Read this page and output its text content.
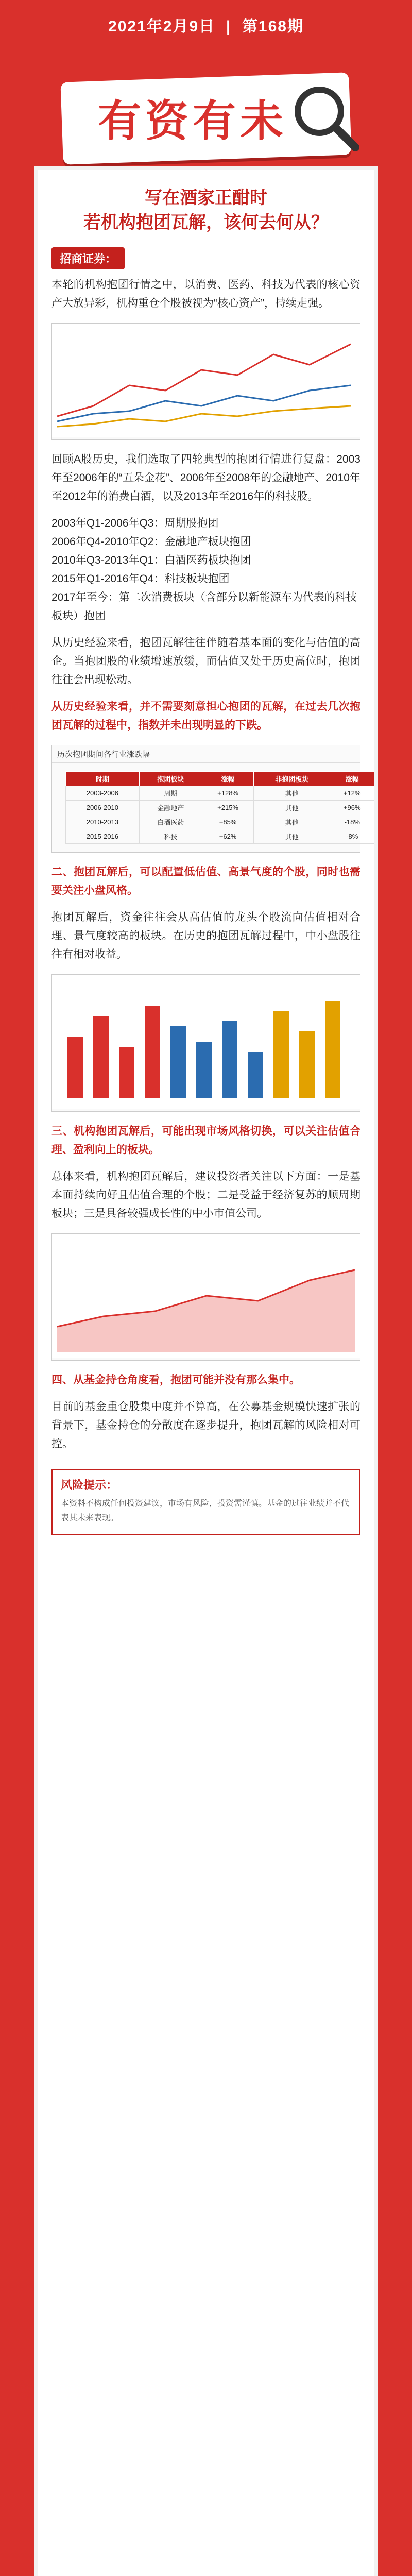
2021年2月9日  |  第168期
有资有未
写在酒家正酣时
若机构抱团瓦解，该何去何从？
招商证券：

本轮的机构抱团行情之中，以消费、医药、科技为代表的核心资产大放异彩，机构重仓个股被视为“核心资产”，持续走强。

回顾A股历史，我们选取了四轮典型的抱团行情进行复盘：2003年至2006年的“五朵金花”、2006年至2008年的金融地产、2010年至2012年的消费白酒，以及2013年至2016年的科技股。

2003年Q1-2006年Q3：周期股抱团
2006年Q4-2010年Q2：金融地产板块抱团
2010年Q3-2013年Q1：白酒医药板块抱团
2015年Q1-2016年Q4：科技板块抱团
2017年至今：第二次消费板块（含部分以新能源车为代表的科技板块）抱团

从历史经验来看，抱团瓦解往往伴随着基本面的变化与估值的高企。当抱团股的业绩增速放缓，而估值又处于历史高位时，抱团往往会出现松动。

从历史经验来看，并不需要刻意担心抱团的瓦解，在过去几次抱团瓦解的过程中，指数并未出现明显的下跌。

历次抱团期间各行业涨跌幅
时期	抱团板块	涨幅	非抱团板块	涨幅
2003-2006	周期	+128%	其他	+12%
2006-2010	金融地产	+215%	其他	+96%
2010-2013	白酒医药	+85%	其他	-18%
2015-2016	科技	+62%	其他	-8%

二、抱团瓦解后，可以配置低估值、高景气度的个股，同时也需要关注小盘风格。

抱团瓦解后，资金往往会从高估值的龙头个股流向估值相对合理、景气度较高的板块。在历史的抱团瓦解过程中，中小盘股往往有相对收益。

三、机构抱团瓦解后，可能出现市场风格切换，可以关注估值合理、盈利向上的板块。

总体来看，机构抱团瓦解后，建议投资者关注以下方面：一是基本面持续向好且估值合理的个股；二是受益于经济复苏的顺周期板块；三是具备较强成长性的中小市值公司。

四、从基金持仓角度看，抱团可能并没有那么集中。

目前的基金重仓股集中度并不算高，在公募基金规模快速扩张的背景下，基金持仓的分散度在逐步提升，抱团瓦解的风险相对可控。

风险提示：
本资料不构成任何投资建议，市场有风险，投资需谨慎。基金的过往业绩并不代表其未来表现。
